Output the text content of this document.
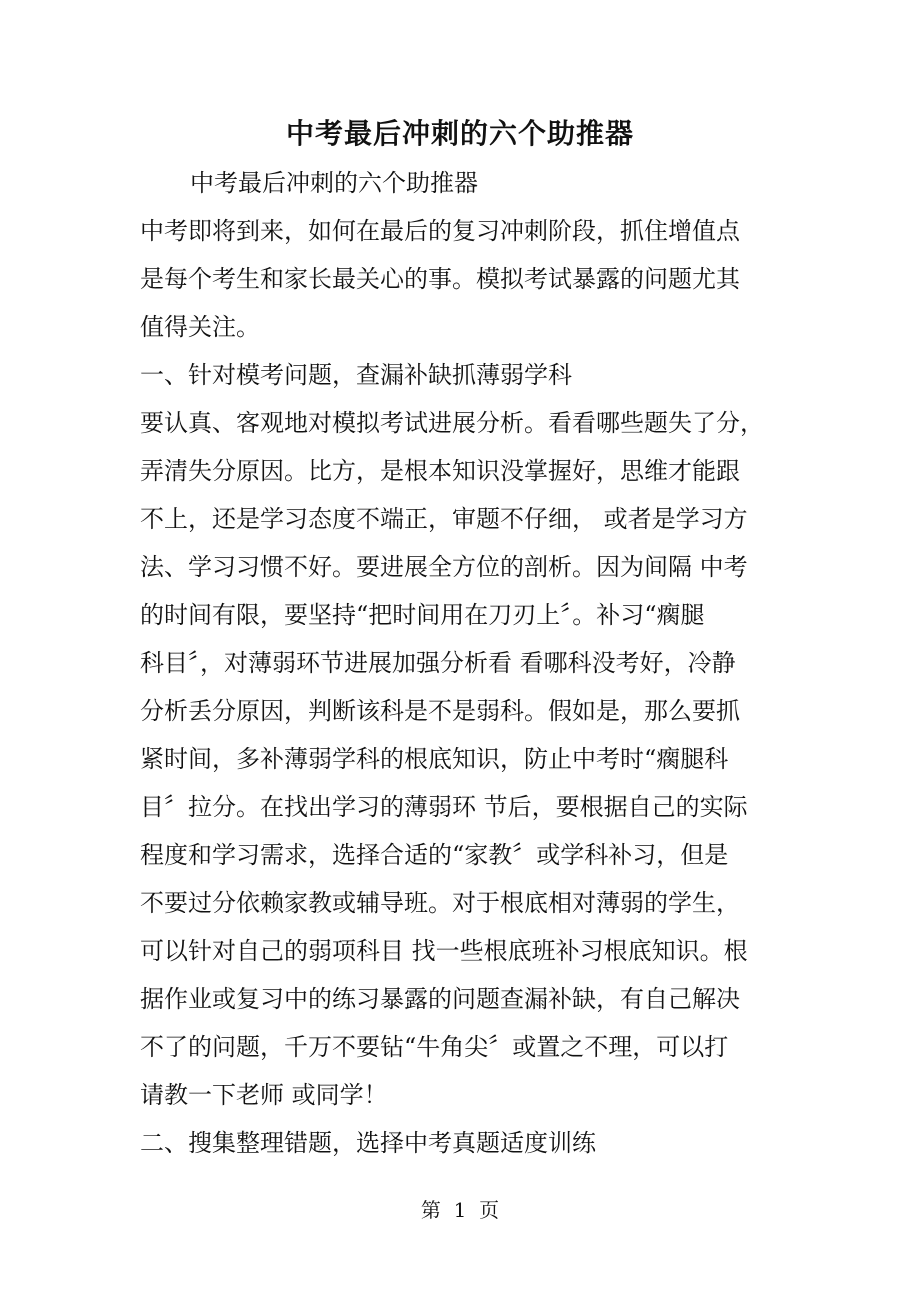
中考最后冲刺的六个助推器

中考最后冲刺的六个助推器

中考即将到来，如何在最后的复习冲刺阶段，抓住增值点

是每个考生和家长最关心的事。模拟考试暴露的问题尤其

值得关注。

一、针对模考问题，查漏补缺抓薄弱学科

要认真、客观地对模拟考试进展分析。看看哪些题失了分，

弄清失分原因。比方，是根本知识没掌握好，思维才能跟

不上，还是学习态度不端正，审题不仔细， 或者是学习方

法、学习习惯不好。要进展全方位的剖析。因为间隔 中考

的时间有限，要坚持“把时间用在刀刃上〞。补习“瘸腿

科目〞，对薄弱环节进展加强分析看 看哪科没考好，冷静

分析丢分原因，判断该科是不是弱科。假如是，那么要抓

紧时间，多补薄弱学科的根底知识，防止中考时“瘸腿科

目〞拉分。在找出学习的薄弱环 节后，要根据自己的实际

程度和学习需求，选择合适的“家教〞或学科补习，但是

不要过分依赖家教或辅导班。对于根底相对薄弱的学生，

可以针对自己的弱项科目 找一些根底班补习根底知识。根

据作业或复习中的练习暴露的问题查漏补缺，有自己解决

不了的问题，千万不要钻“牛角尖〞或置之不理，可以打

请教一下老师 或同学！

二、搜集整理错题，选择中考真题适度训练

第  1  页
